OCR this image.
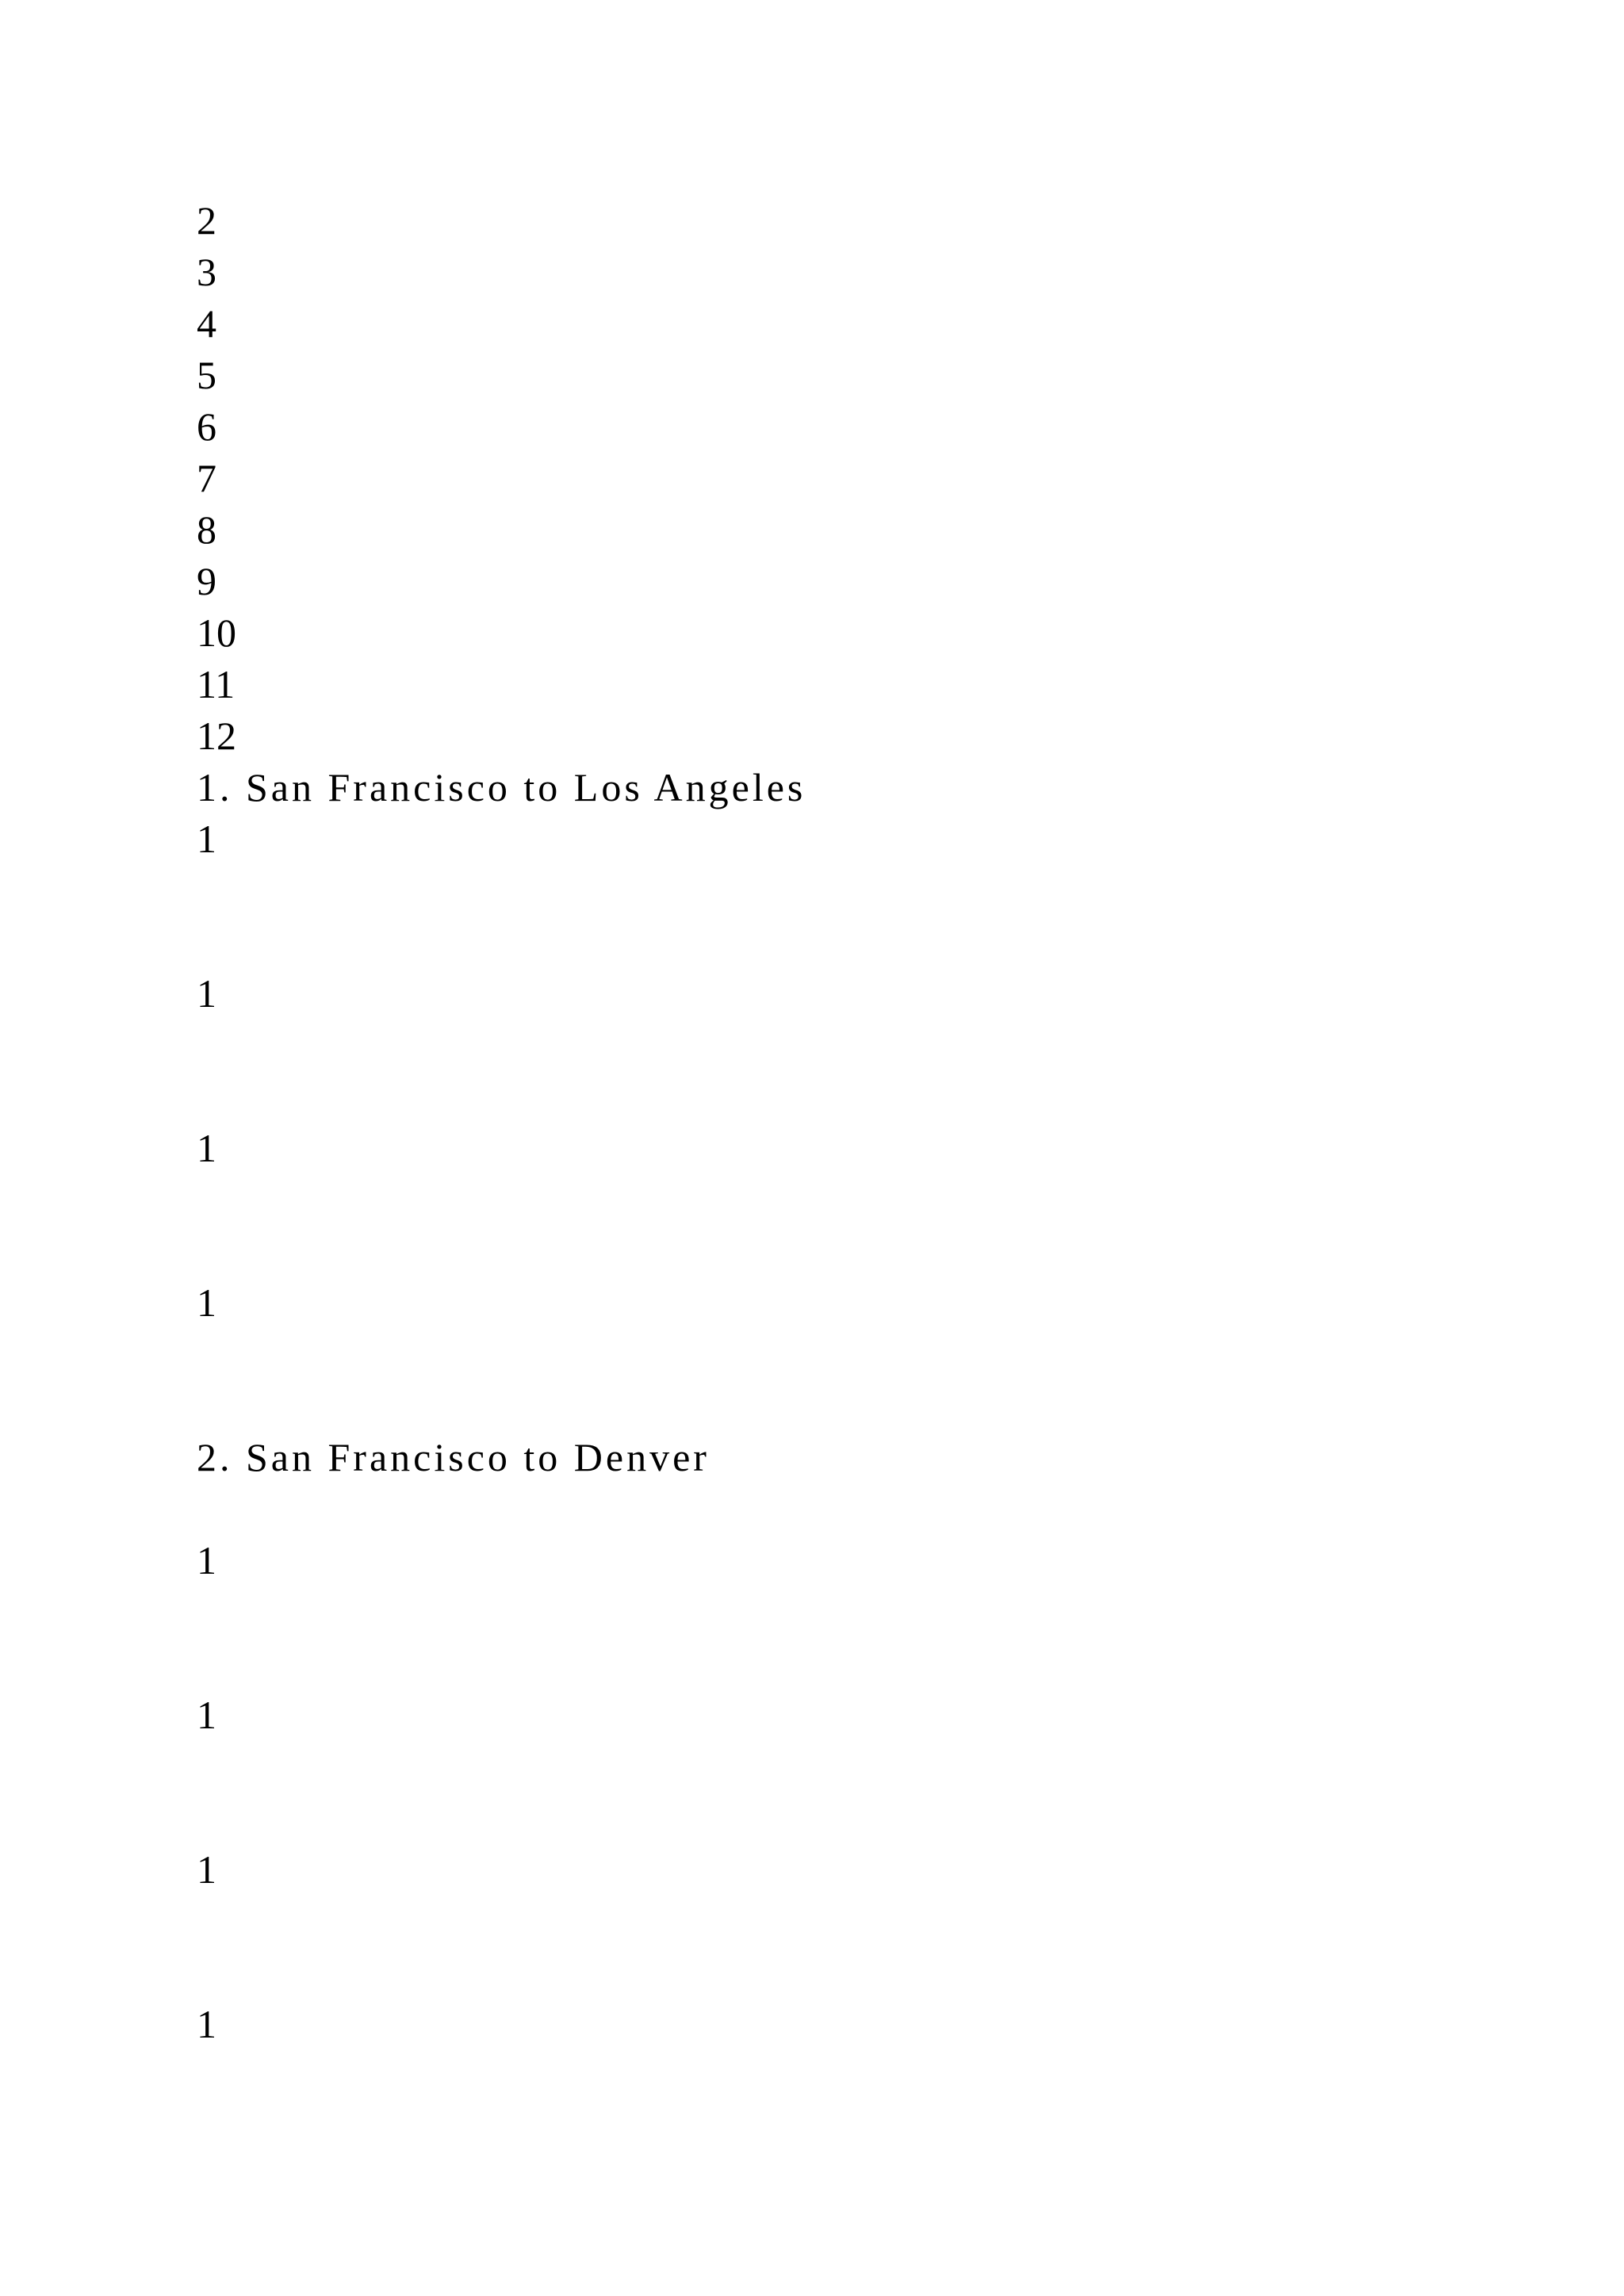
2
3
4
5
6
7
8
9
10
11
12
1. San Francisco to Los Angeles
1
1
1
1
2. San Francisco to Denver
1
1
1
1
